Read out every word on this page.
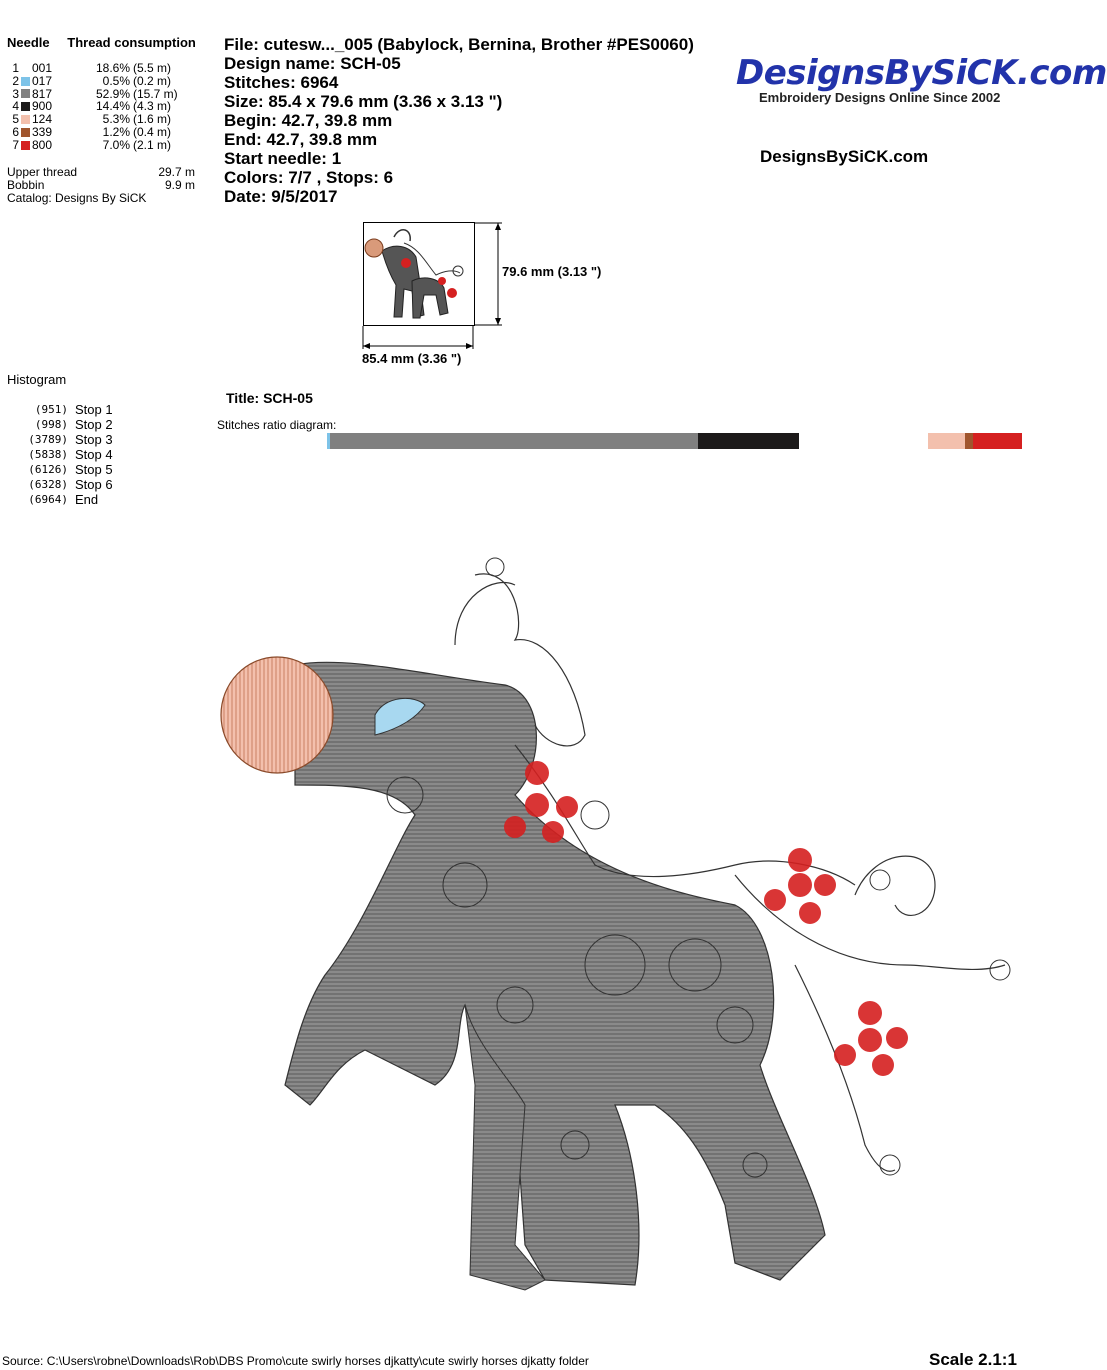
Needle Thread consumption
1 001	18.6% (5.5 m)
2 017	0.5% (0.2 m)
3 817	52.9% (15.7 m)
4 900	14.4% (4.3 m)
5 124	5.3% (1.6 m)
6 339	1.2% (0.4 m)
7 800	7.0% (2.1 m)
Upper thread	29.7 m
Bobbin	9.9 m
Catalog: Designs By SiCK
File: cutesw..._005 (Babylock, Bernina, Brother #PES0060)
Design name: SCH-05
Stitches: 6964
Size: 85.4 x 79.6 mm (3.36 x 3.13 ")
Begin: 42.7, 39.8 mm
End: 42.7, 39.8 mm
Start needle: 1
Colors: 7/7 , Stops: 6
Date: 9/5/2017
DesignsBySiCK.com
Embroidery Designs Online Since 2002
DesignsBySiCK.com
85.4 mm (3.36 ")
79.6 mm (3.13 ")
Histogram
(951) Stop 1
(998) Stop 2
(3789) Stop 3
(5838) Stop 4
(6126) Stop 5
(6328) Stop 6
(6964) End
Title: SCH-05
Stitches ratio diagram:
Source: C:\Users\robne\Downloads\Rob\DBS Promo\cute swirly horses djkatty\cute swirly horses djkatty folder	Scale 2.1:1
